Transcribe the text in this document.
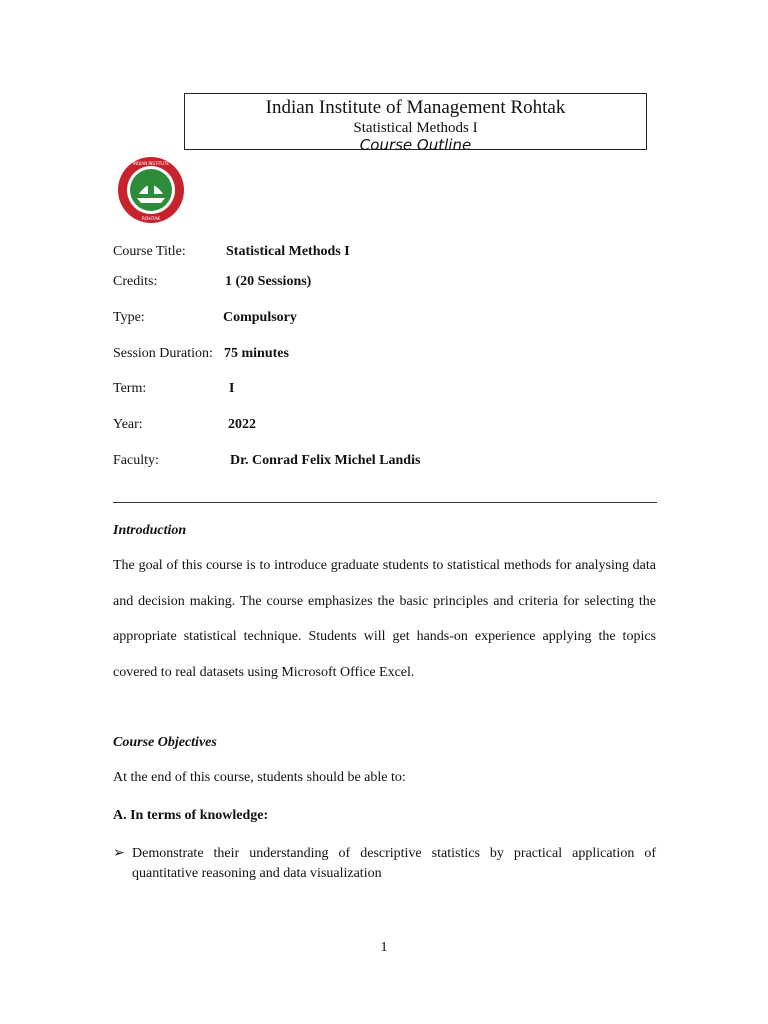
Indian Institute of Management Rohtak
Statistical Methods I
Course Outline
INDIAN INSTITUTE
ROHTAK
Course Title:	Statistical Methods I
Credits:	1 (20 Sessions)
Type:	Compulsory
Session Duration: 75 minutes
Term:	I
Year:	2022
Faculty:	Dr. Conrad Felix Michel Landis
Introduction
The goal of this course is to introduce graduate students to statistical methods for analysing data and decision making. The course emphasizes the basic principles and criteria for selecting the appropriate statistical technique. Students will get hands-on experience applying the topics covered to real datasets using Microsoft Office Excel.
Course Objectives
At the end of this course, students should be able to:
A. In terms of knowledge:
➢ Demonstrate their understanding of descriptive statistics by practical application of quantitative reasoning and data visualization
1
